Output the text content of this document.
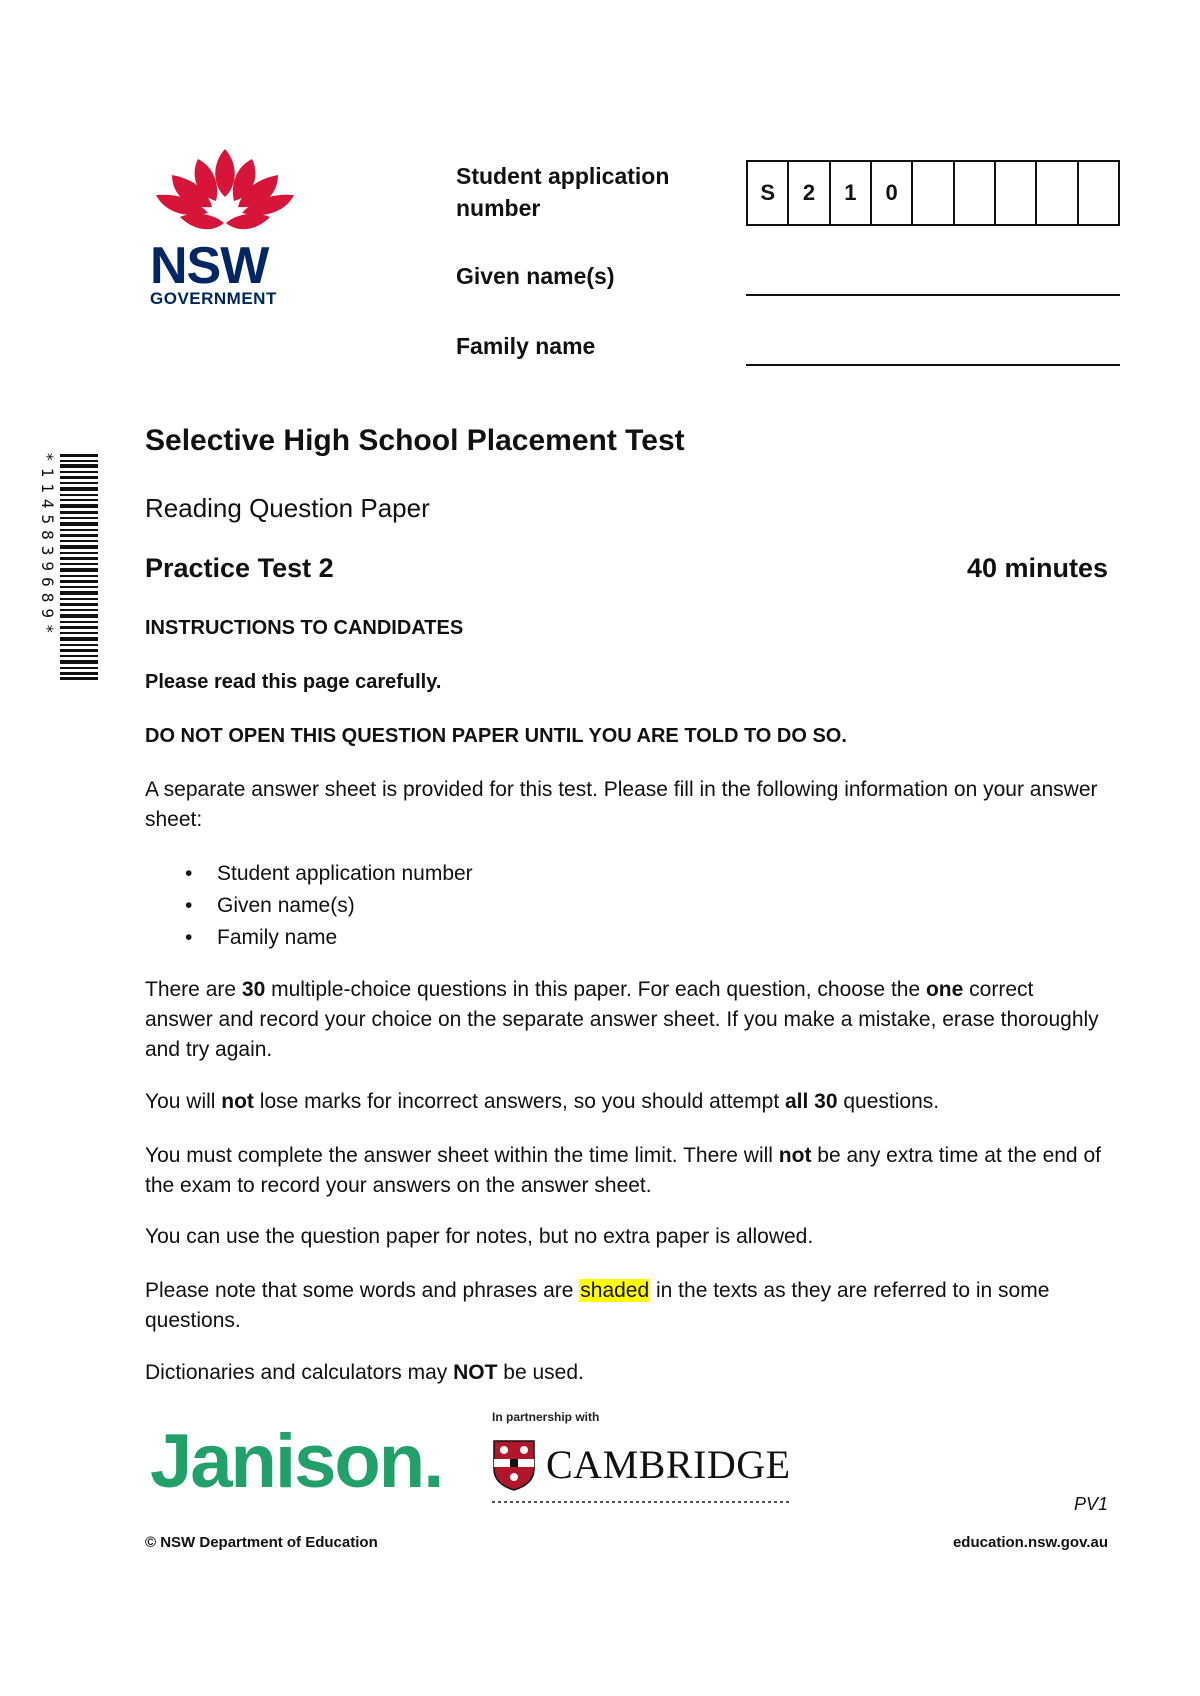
NSW
GOVERNMENT
Student application
number
S	2	1	0
Given name(s)
Family name
*1145839689*
Selective High School Placement Test
Reading Question Paper
Practice Test 2	40 minutes
INSTRUCTIONS TO CANDIDATES
Please read this page carefully.
DO NOT OPEN THIS QUESTION PAPER UNTIL YOU ARE TOLD TO DO SO.
A separate answer sheet is provided for this test. Please fill in the following information on your answer sheet:
• Student application number
• Given name(s)
• Family name
There are 30 multiple-choice questions in this paper. For each question, choose the one correct answer and record your choice on the separate answer sheet. If you make a mistake, erase thoroughly and try again.
You will not lose marks for incorrect answers, so you should attempt all 30 questions.
You must complete the answer sheet within the time limit. There will not be any extra time at the end of the exam to record your answers on the answer sheet.
You can use the question paper for notes, but no extra paper is allowed.
Please note that some words and phrases are shaded in the texts as they are referred to in some questions.
Dictionaries and calculators may NOT be used.
Janison.
In partnership with
CAMBRIDGE
PV1
© NSW Department of Education	education.nsw.gov.au
